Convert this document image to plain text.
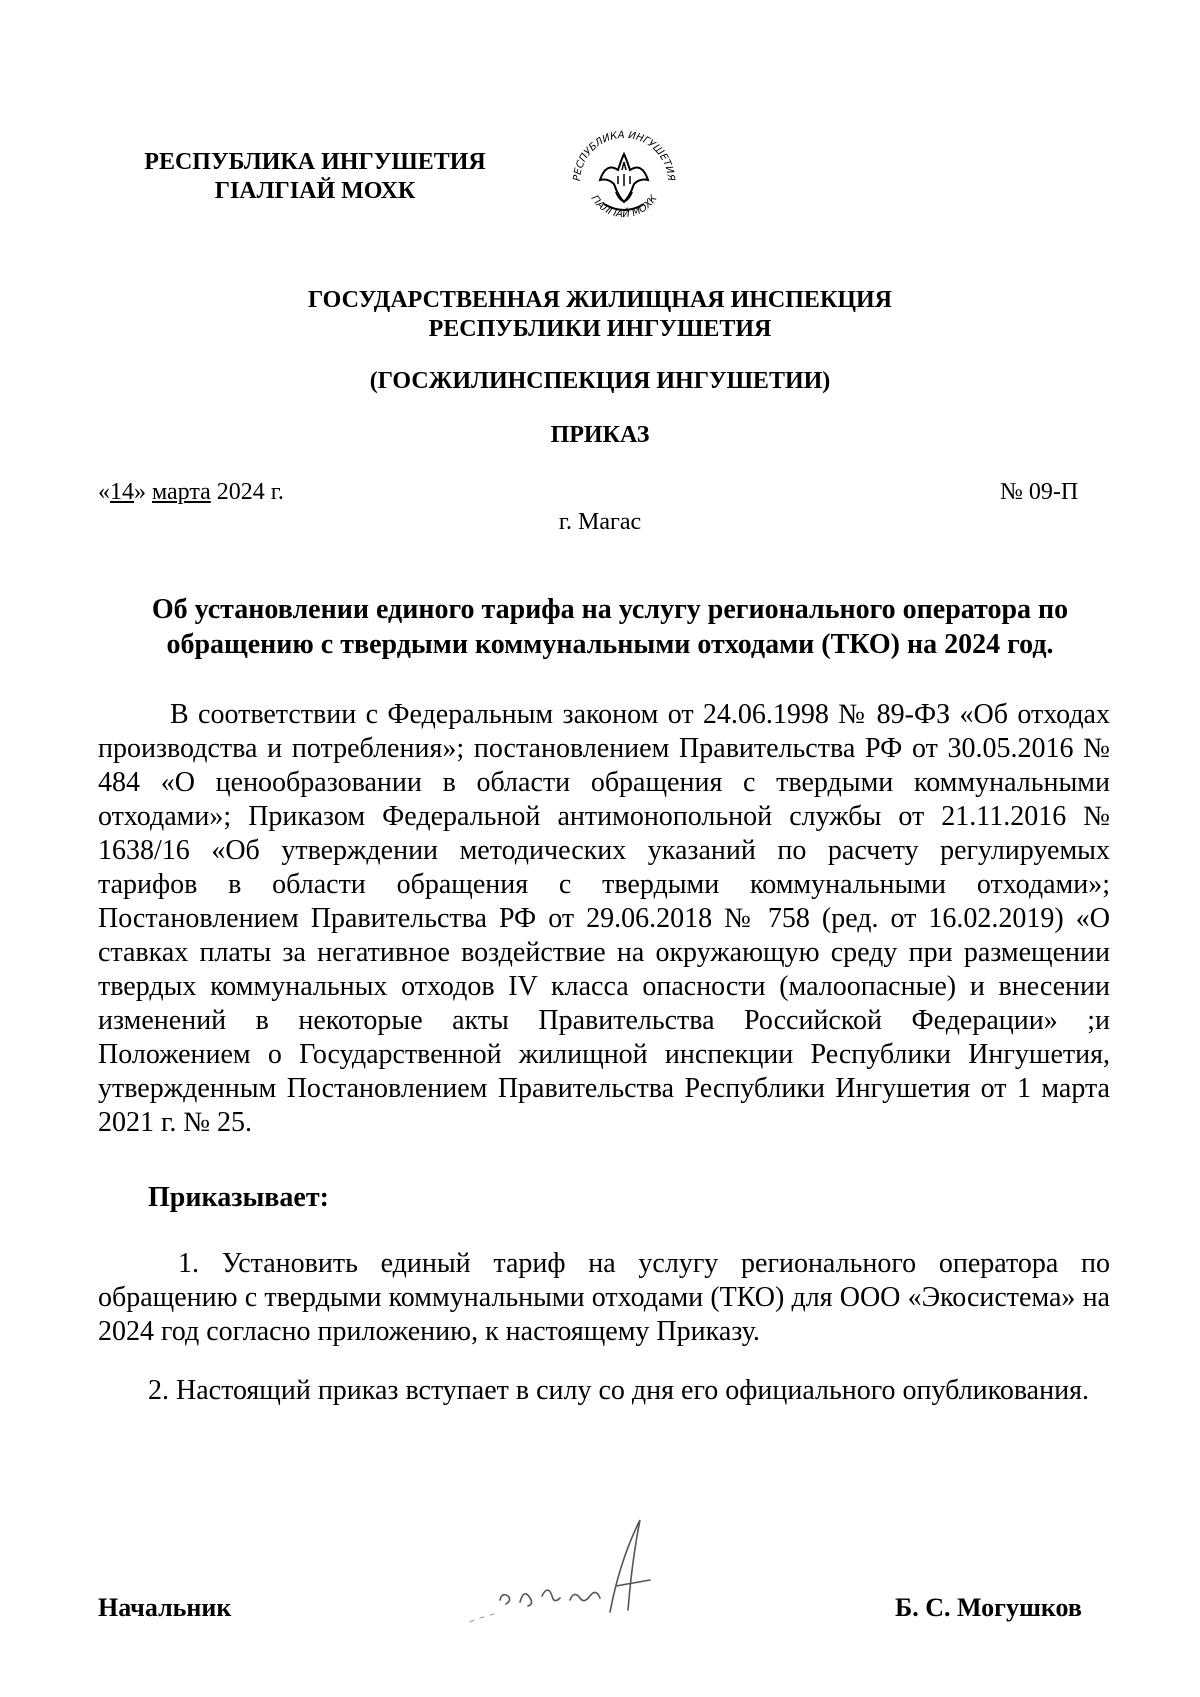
РЕСПУБЛИКА ИНГУШЕТИЯ
ГIАЛГIАЙ МОХК
РЕСПУБЛИКА ИНГУШЕТИЯ
ГIАЛГIАЙ МОХК
ГОСУДАРСТВЕННАЯ ЖИЛИЩНАЯ ИНСПЕКЦИЯ
РЕСПУБЛИКИ ИНГУШЕТИЯ
(ГОСЖИЛИНСПЕКЦИЯ ИНГУШЕТИИ)
ПРИКАЗ
«14» марта 2024 г.	№ 09-П
г. Магас
Об установлении единого тарифа на услугу регионального оператора по
обращению с твердыми коммунальными отходами (ТКО) на 2024 год.
В соответствии с Федеральным законом от 24.06.1998 № 89-ФЗ «Об отходах производства и потребления»; постановлением Правительства РФ от 30.05.2016 № 484 «О ценообразовании в области обращения с твердыми коммунальными отходами»; Приказом Федеральной антимонопольной службы от 21.11.2016 № 1638/16 «Об утверждении методических указаний по расчету регулируемых тарифов в области обращения с твердыми коммунальными отходами»; Постановлением Правительства РФ от 29.06.2018 № 758 (ред. от 16.02.2019) «О ставках платы за негативное воздействие на окружающую среду при размещении твердых коммунальных отходов IV класса опасности (малоопасные) и внесении изменений в некоторые акты Правительства Российской Федерации» ;и Положением о Государственной жилищной инспекции Республики Ингушетия, утвержденным Постановлением Правительства Республики Ингушетия от 1 марта 2021 г. № 25.
Приказывает:
1. Установить единый тариф на услугу регионального оператора по обращению с твердыми коммунальными отходами (ТКО) для ООО «Экосистема» на 2024 год согласно приложению, к настоящему Приказу.
2. Настоящий приказ вступает в силу со дня его официального опубликования.
Начальник	Б. С. Могушков
